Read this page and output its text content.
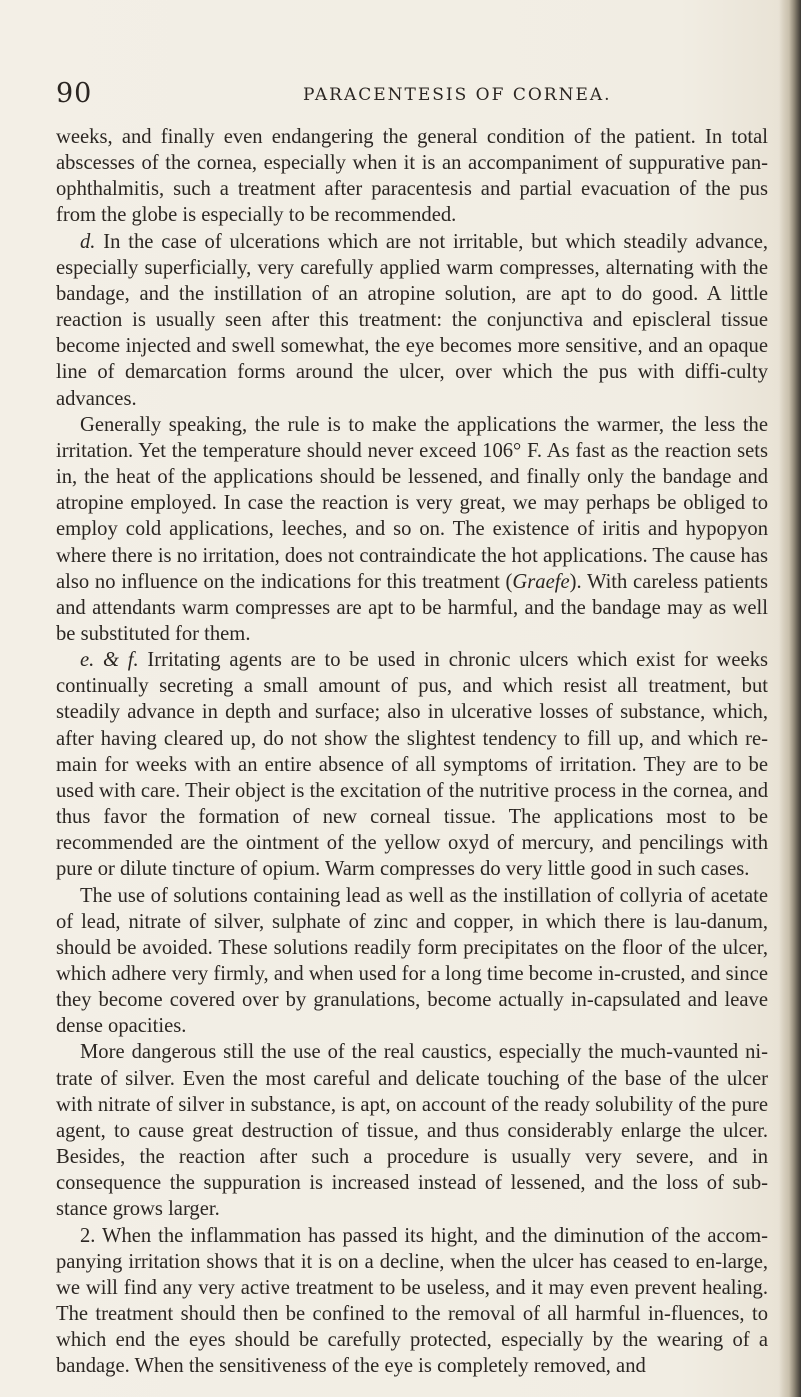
90	PARACENTESIS OF CORNEA.

weeks, and finally even endangering the general condition of the patient. In total abscesses of the cornea, especially when it is an accompaniment of suppurative pan-ophthalmitis, such a treatment after paracentesis and partial evacuation of the pus from the globe is especially to be recommended.

d. In the case of ulcerations which are not irritable, but which steadily advance, especially superficially, very carefully applied warm compresses, alternating with the bandage, and the instillation of an atropine solution, are apt to do good. A little reaction is usually seen after this treatment: the conjunctiva and episcleral tissue become injected and swell somewhat, the eye becomes more sensitive, and an opaque line of demarcation forms around the ulcer, over which the pus with diffi-culty advances.

Generally speaking, the rule is to make the applications the warmer, the less the irritation. Yet the temperature should never exceed 106° F. As fast as the reaction sets in, the heat of the applications should be lessened, and finally only the bandage and atropine employed. In case the reaction is very great, we may perhaps be obliged to employ cold applications, leeches, and so on. The existence of iritis and hypopyon where there is no irritation, does not contraindicate the hot applications. The cause has also no influence on the indications for this treatment (Graefe). With careless patients and attendants warm compresses are apt to be harmful, and the bandage may as well be substituted for them.

e. & f. Irritating agents are to be used in chronic ulcers which exist for weeks continually secreting a small amount of pus, and which resist all treatment, but steadily advance in depth and surface; also in ulcerative losses of substance, which, after having cleared up, do not show the slightest tendency to fill up, and which re-main for weeks with an entire absence of all symptoms of irritation. They are to be used with care. Their object is the excitation of the nutritive process in the cornea, and thus favor the formation of new corneal tissue. The applications most to be recommended are the ointment of the yellow oxyd of mercury, and pencilings with pure or dilute tincture of opium. Warm compresses do very little good in such cases.

The use of solutions containing lead as well as the instillation of collyria of acetate of lead, nitrate of silver, sulphate of zinc and copper, in which there is lau-danum, should be avoided. These solutions readily form precipitates on the floor of the ulcer, which adhere very firmly, and when used for a long time become in-crusted, and since they become covered over by granulations, become actually in-capsulated and leave dense opacities.

More dangerous still the use of the real caustics, especially the much-vaunted ni-trate of silver. Even the most careful and delicate touching of the base of the ulcer with nitrate of silver in substance, is apt, on account of the ready solubility of the pure agent, to cause great destruction of tissue, and thus considerably enlarge the ulcer. Besides, the reaction after such a procedure is usually very severe, and in consequence the suppuration is increased instead of lessened, and the loss of sub-stance grows larger.

2. When the inflammation has passed its hight, and the diminution of the accom-panying irritation shows that it is on a decline, when the ulcer has ceased to en-large, we will find any very active treatment to be useless, and it may even prevent healing. The treatment should then be confined to the removal of all harmful in-fluences, to which end the eyes should be carefully protected, especially by the wearing of a bandage. When the sensitiveness of the eye is completely removed, and
